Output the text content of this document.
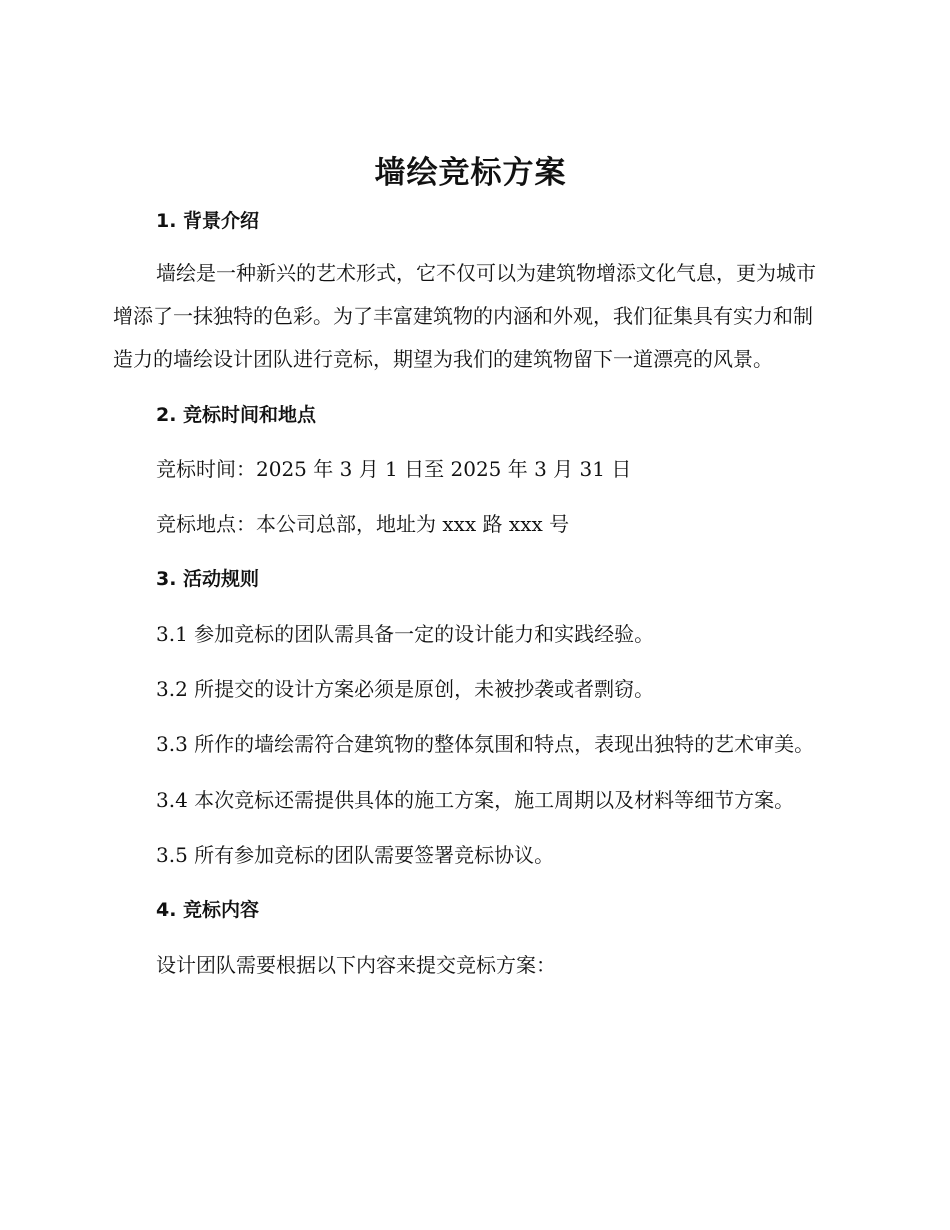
墙绘竞标方案
1. 背景介绍

墙绘是一种新兴的艺术形式，它不仅可以为建筑物增添文化气息，更为城市增添了一抹独特的色彩。为了丰富建筑物的内涵和外观，我们征集具有实力和制造力的墙绘设计团队进行竞标，期望为我们的建筑物留下一道漂亮的风景。

2. 竞标时间和地点

竞标时间：2025 年 3 月 1 日至 2025 年 3 月 31 日

竞标地点：本公司总部，地址为 xxx 路 xxx 号

3. 活动规则

3.1 参加竞标的团队需具备一定的设计能力和实践经验。

3.2 所提交的设计方案必须是原创，未被抄袭或者剽窃。

3.3 所作的墙绘需符合建筑物的整体氛围和特点，表现出独特的艺术审美。

3.4 本次竞标还需提供具体的施工方案，施工周期以及材料等细节方案。

3.5 所有参加竞标的团队需要签署竞标协议。

4. 竞标内容

设计团队需要根据以下内容来提交竞标方案：
